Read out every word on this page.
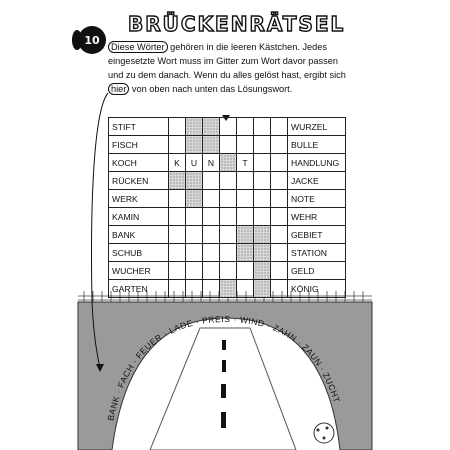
BANK · FACH · FEUER · LADE · PREIS · WIND · ZAHN · ZAUN · ZUCHT
10
BRÜCKENRÄTSEL

Diese Wörter gehören in die leeren Kästchen. Jedes

eingesetzte Wort muss im Gitter zum Wort davor passen

und zu dem danach. Wenn du alles gelöst hast, ergibt sich

hier von oben nach unten das Lösungswort.

STIFT								WURZEL
FISCH								BULLE
KOCH	K	U	N		T			HANDLUNG
RÜCKEN								JACKE
WERK								NOTE
KAMIN								WEHR
BANK								GEBIET
SCHUB								STATION
WUCHER								GELD
GARTEN								KÖNIG
